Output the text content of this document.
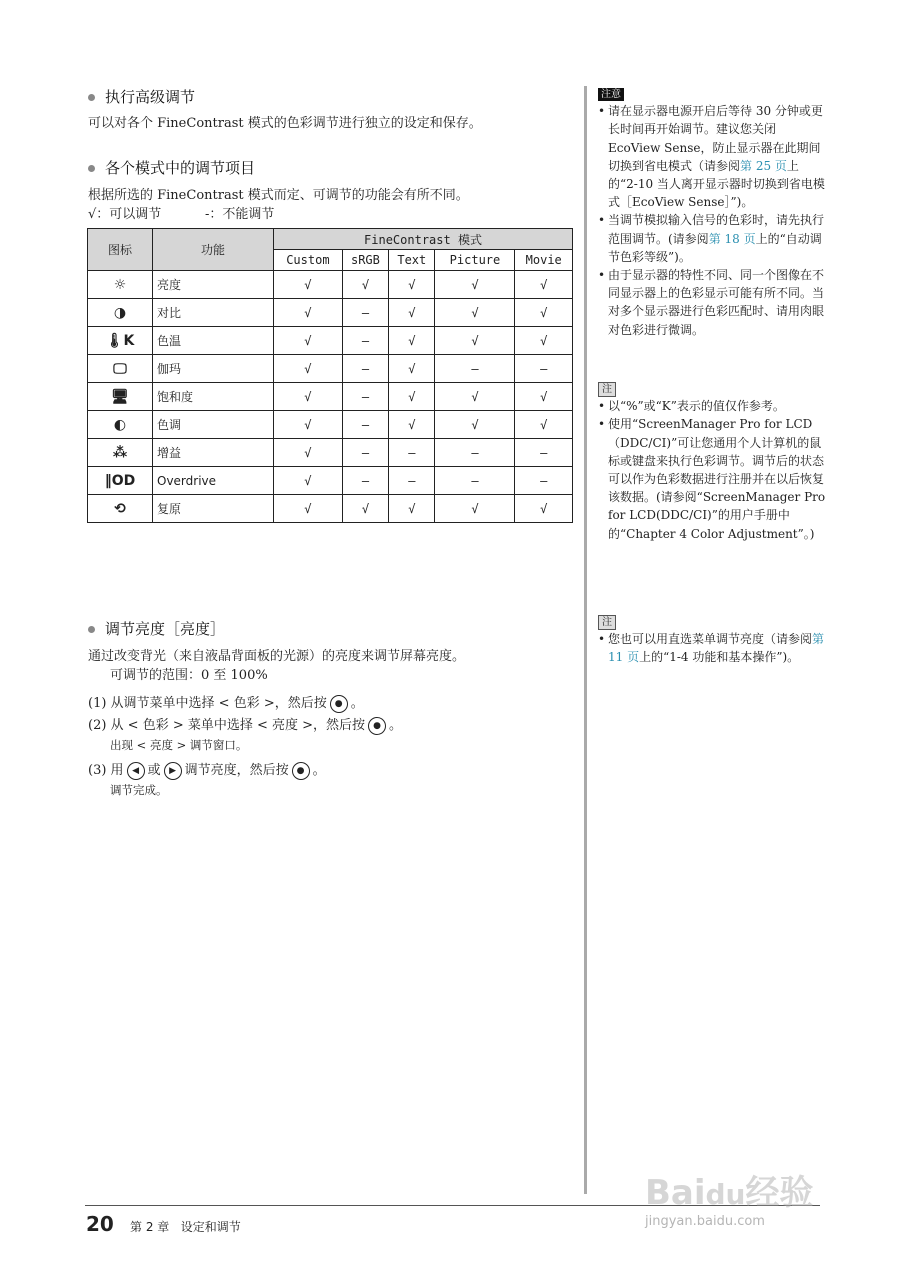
执行高级调节
可以对各个 FineContrast 模式的色彩调节进行独立的设定和保存。
各个模式中的调节项目
根据所选的 FineContrast 模式而定、可调节的功能会有所不同。
√：可以调节	-：不能调节
图标	功能	FineContrast 模式				
		Custom	sRGB	Text	Picture	Movie
☼	亮度	√	√	√	√	√
◑	对比	√	—	√	√	√
🌡K	色温	√	—	√	√	√
🖵	伽玛	√	—	√	—	—
🖥	饱和度	√	—	√	√	√
◐	色调	√	—	√	√	√
⁂	增益	√	—	—	—	—
‖OD	Overdrive	√	—	—	—	—
⟲	复原	√	√	√	√	√
调节亮度［亮度］
通过改变背光（来自液晶背面板的光源）的亮度来调节屏幕亮度。
可调节的范围：0 至 100%
(1) 从调节菜单中选择 < 色彩 >，然后按 ● 。
(2) 从 < 色彩 > 菜单中选择 < 亮度 >，然后按 ● 。
出现 < 亮度 > 调节窗口。
(3) 用 ◀ 或 ▶ 调节亮度，然后按 ● 。
调节完成。
注意
• 请在显示器电源开启后等待 30 分钟或更长时间再开始调节。建议您关闭 EcoView Sense，防止显示器在此期间切换到省电模式（请参阅第 25 页上的“2-10 当人离开显示器时切换到省电模式［EcoView Sense］”)。
• 当调节模拟输入信号的色彩时，请先执行范围调节。(请参阅第 18 页上的“自动调节色彩等级”)。
• 由于显示器的特性不同、同一个图像在不同显示器上的色彩显示可能有所不同。当对多个显示器进行色彩匹配时、请用肉眼对色彩进行微调。
注
• 以“%”或“K”表示的值仅作参考。
• 使用“ScreenManager Pro for LCD（DDC/CI)”可让您通用个人计算机的鼠标或键盘来执行色彩调节。调节后的状态可以作为色彩数据进行注册并在以后恢复该数据。(请参阅“ScreenManager Pro for LCD(DDC/CI)”的用户手册中的“Chapter 4 Color Adjustment”。)
注
• 您也可以用直选菜单调节亮度（请参阅第 11 页上的“1-4 功能和基本操作”)。
20 第 2 章 设定和调节
Baidu经验
jingyan.baidu.com
